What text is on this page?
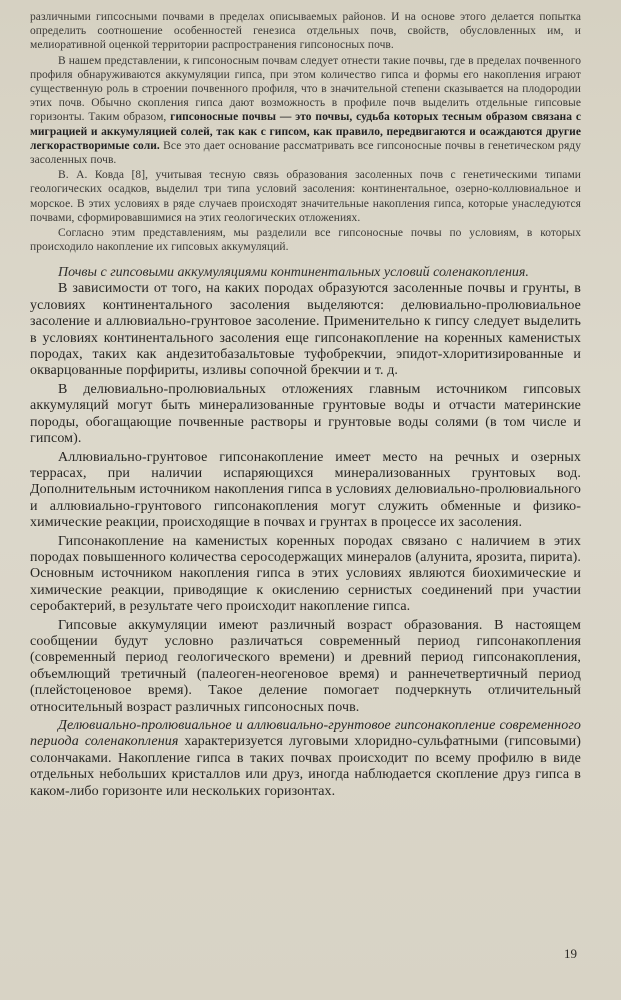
различными гипсосными почвами в пределах описываемых районов. И на основе этого делается попытка определить соотношение особенностей генезиса отдельных почв, свойств, обусловленных им, и мелиоративной оценкой территории распространения гипсоносных почв.

В нашем представлении, к гипсоносным почвам следует отнести такие почвы, где в пределах почвенного профиля обнаруживаются аккумуляции гипса, при этом количество гипса и формы его накопления играют существенную роль в строении почвенного профиля, что в значительной степени сказывается на плодородии этих почв. Обычно скопления гипса дают возможность в профиле почв выделить отдельные гипсовые горизонты. Таким образом, гипсоносные почвы — это почвы, судьба которых тесным образом связана с миграцией и аккумуляцией солей, так как с гипсом, как правило, передвигаются и осаждаются другие легкорастворимые соли. Все это дает основание рассматривать все гипсоносные почвы в генетическом ряду засоленных почв.

В. А. Ковда [8], учитывая тесную связь образования засоленных почв с генетическими типами геологических осадков, выделил три типа условий засоления: континентальное, озерно-коллювиальное и морское. В этих условиях в ряде случаев происходят значительные накопления гипса, которые унаследуются почвами, сформировавшимися на этих геологических отложениях.

Согласно этим представлениям, мы разделили все гипсоносные почвы по условиям, в которых происходило накопление их гипсовых аккумуляций.

Почвы с гипсовыми аккумуляциями континентальных условий соленакопления.

В зависимости от того, на каких породах образуются засоленные почвы и грунты, в условиях континентального засоления выделяются: делювиально-пролювиальное засоление и аллювиально-грунтовое засоление. Применительно к гипсу следует выделить в условиях континентального засоления еще гипсонакопление на коренных каменистых породах, таких как андезитобазальтовые туфобрекчии, эпидот-хлоритизированные и окварцованные порфириты, изливы сопочной брекчии и т. д.

В делювиально-пролювиальных отложениях главным источником гипсовых аккумуляций могут быть минерализованные грунтовые воды и отчасти материнские породы, обогащающие почвенные растворы и грунтовые воды солями (в том числе и гипсом).

Аллювиально-грунтовое гипсонакопление имеет место на речных и озерных террасах, при наличии испаряющихся минерализованных грунтовых вод. Дополнительным источником накопления гипса в условиях делювиально-пролювиального и аллювиально-грунтового гипсонакопления могут служить обменные и физико-химические реакции, происходящие в почвах и грунтах в процессе их засоления.

Гипсонакопление на каменистых коренных породах связано с наличием в этих породах повышенного количества серосодержащих минералов (алунита, ярозита, пирита). Основным источником накопления гипса в этих условиях являются биохимические и химические реакции, приводящие к окислению сернистых соединений при участии серобактерий, в результате чего происходит накопление гипса.

Гипсовые аккумуляции имеют различный возраст образования. В настоящем сообщении будут условно различаться современный период гипсонакопления (современный период геологического времени) и древний период гипсонакопления, объемлющий третичный (палеоген-неогеновое время) и раннечетвертичный период (плейстоценовое время). Такое деление помогает подчеркнуть отличительный относительный возраст различных гипсоносных почв.

Делювиально-пролювиальное и аллювиально-грунтовое гипсонакопление современного периода соленакопления характеризуется луговыми хлоридно-сульфатными (гипсовыми) солончаками. Накопление гипса в таких почвах происходит по всему профилю в виде отдельных небольших кристаллов или друз, иногда наблюдается скопление друз гипса в каком-либо горизонте или нескольких горизонтах.

19
